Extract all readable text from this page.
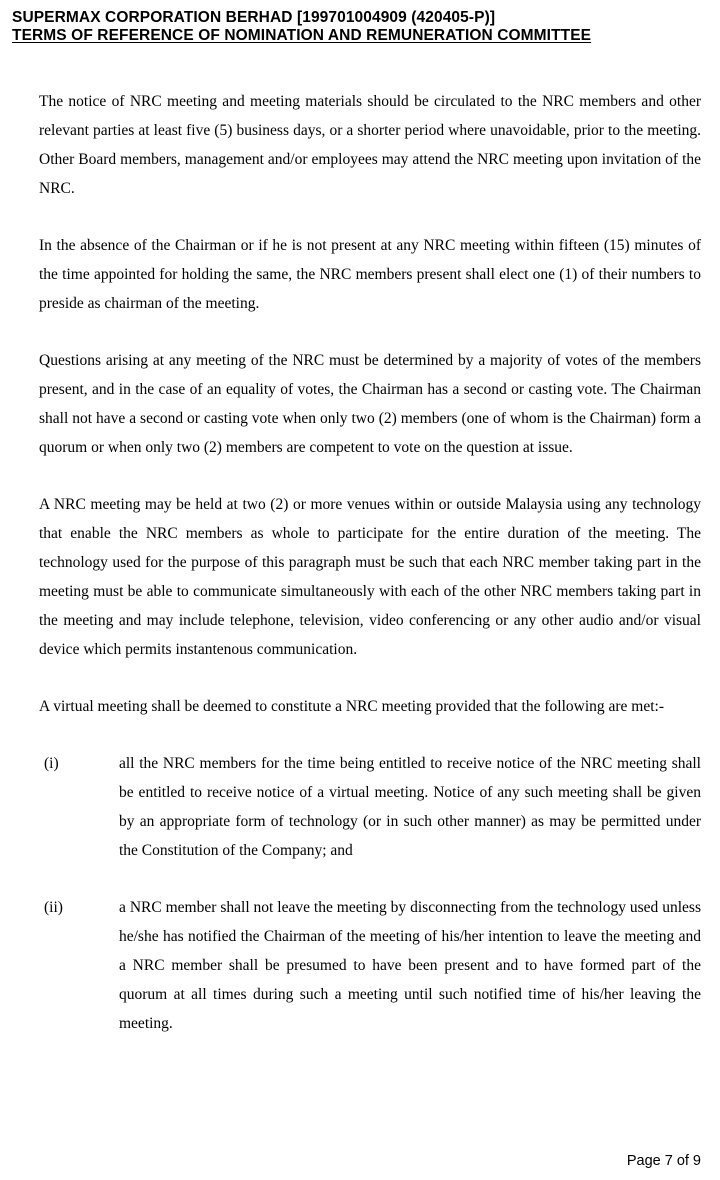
SUPERMAX CORPORATION BERHAD [199701004909 (420405-P)]
TERMS OF REFERENCE OF NOMINATION AND REMUNERATION COMMITTEE

The notice of NRC meeting and meeting materials should be circulated to the NRC members and other relevant parties at least five (5) business days, or a shorter period where unavoidable, prior to the meeting. Other Board members, management and/or employees may attend the NRC meeting upon invitation of the NRC.

In the absence of the Chairman or if he is not present at any NRC meeting within fifteen (15) minutes of the time appointed for holding the same, the NRC members present shall elect one (1) of their numbers to preside as chairman of the meeting.

Questions arising at any meeting of the NRC must be determined by a majority of votes of the members present, and in the case of an equality of votes, the Chairman has a second or casting vote. The Chairman shall not have a second or casting vote when only two (2) members (one of whom is the Chairman) form a quorum or when only two (2) members are competent to vote on the question at issue.

A NRC meeting may be held at two (2) or more venues within or outside Malaysia using any technology that enable the NRC members as whole to participate for the entire duration of the meeting. The technology used for the purpose of this paragraph must be such that each NRC member taking part in the meeting must be able to communicate simultaneously with each of the other NRC members taking part in the meeting and may include telephone, television, video conferencing or any other audio and/or visual device which permits instantenous communication.

A virtual meeting shall be deemed to constitute a NRC meeting provided that the following are met:-

(i)	all the NRC members for the time being entitled to receive notice of the NRC meeting shall be entitled to receive notice of a virtual meeting. Notice of any such meeting shall be given by an appropriate form of technology (or in such other manner) as may be permitted under the Constitution of the Company; and
(ii)	a NRC member shall not leave the meeting by disconnecting from the technology used unless he/she has notified the Chairman of the meeting of his/her intention to leave the meeting and a NRC member shall be presumed to have been present and to have formed part of the quorum at all times during such a meeting until such notified time of his/her leaving the meeting.
Page 7 of 9
